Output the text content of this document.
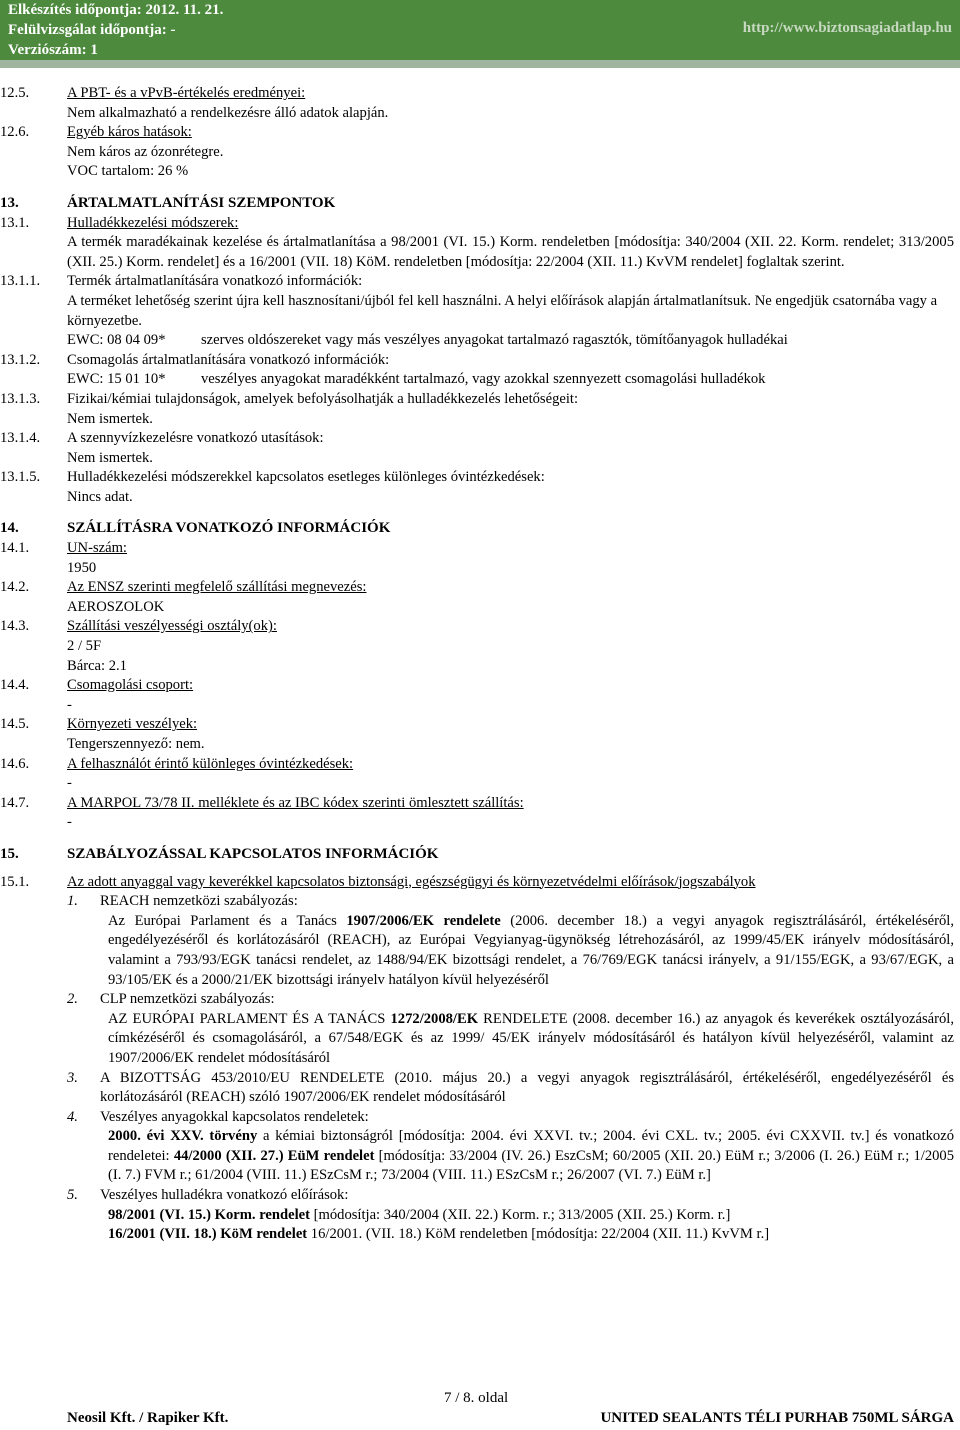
Elkészítés időpontja: 2012. 11. 21.
Felülvizsgálat időpontja: -
Verziószám: 1
http://www.biztonsagiadatlap.hu
12.5.	A PBT- és a vPvB-értékelés eredményei:
Nem alkalmazható a rendelkezésre álló adatok alapján.
12.6.	Egyéb káros hatások:
Nem káros az ózonrétegre.
VOC tartalom: 26 %
13.	ÁRTALMATLANÍTÁSI SZEMPONTOK
13.1.	Hulladékkezelési módszerek:
A termék maradékainak kezelése és ártalmatlanítása a 98/2001 (VI. 15.) Korm. rendeletben [módosítja: 340/2004 (XII. 22. Korm. rendelet; 313/2005 (XII. 25.) Korm. rendelet] és a 16/2001 (VII. 18) KöM. rendeletben [módosítja: 22/2004 (XII. 11.) KvVM rendelet] foglaltak szerint.
13.1.1. Termék ártalmatlanítására vonatkozó információk:
A terméket lehetőség szerint újra kell hasznosítani/újból fel kell használni. A helyi előírások alapján ártalmatlanítsuk. Ne engedjük csatornába vagy a környezetbe.
EWC: 08 04 09* szerves oldószereket vagy más veszélyes anyagokat tartalmazó ragasztók, tömítőanyagok hulladékai
13.1.2. Csomagolás ártalmatlanítására vonatkozó információk:
EWC: 15 01 10* veszélyes anyagokat maradékként tartalmazó, vagy azokkal szennyezett csomagolási hulladékok
13.1.3. Fizikai/kémiai tulajdonságok, amelyek befolyásolhatják a hulladékkezelés lehetőségeit:
Nem ismertek.
13.1.4. A szennyvízkezelésre vonatkozó utasítások:
Nem ismertek.
13.1.5. Hulladékkezelési módszerekkel kapcsolatos esetleges különleges óvintézkedések:
Nincs adat.
14.	SZÁLLÍTÁSRA VONATKOZÓ INFORMÁCIÓK
14.1.	UN-szám:
1950
14.2.	Az ENSZ szerinti megfelelő szállítási megnevezés:
AEROSZOLOK
14.3.	Szállítási veszélyességi osztály(ok):
2 / 5F
Bárca: 2.1
14.4.	Csomagolási csoport:
-
14.5.	Környezeti veszélyek:
Tengerszennyező: nem.
14.6.	A felhasználót érintő különleges óvintézkedések:
-
14.7.	A MARPOL 73/78 II. melléklete és az IBC kódex szerinti ömlesztett szállítás:
-
15.	SZABÁLYOZÁSSAL KAPCSOLATOS INFORMÁCIÓK
15.1.	Az adott anyaggal vagy keverékkel kapcsolatos biztonsági, egészségügyi és környezetvédelmi előírások/jogszabályok
1. REACH nemzetközi szabályozás:
Az Európai Parlament és a Tanács 1907/2006/EK rendelete (2006. december 18.) a vegyi anyagok regisztrálásáról, értékeléséről, engedélyezéséről és korlátozásáról (REACH), az Európai Vegyianyag-ügynökség létrehozásáról, az 1999/45/EK irányelv módosításáról, valamint a 793/93/EGK tanácsi rendelet, az 1488/94/EK bizottsági rendelet, a 76/769/EGK tanácsi irányelv, a 91/155/EGK, a 93/67/EGK, a 93/105/EK és a 2000/21/EK bizottsági irányelv hatályon kívül helyezéséről
2. CLP nemzetközi szabályozás:
AZ EURÓPAI PARLAMENT ÉS A TANÁCS 1272/2008/EK RENDELETE (2008. december 16.) az anyagok és keverékek osztályozásáról, címkézéséről és csomagolásáról, a 67/548/EGK és az 1999/ 45/EK irányelv módosításáról és hatályon kívül helyezéséről, valamint az 1907/2006/EK rendelet módosításáról
3. A BIZOTTSÁG 453/2010/EU RENDELETE (2010. május 20.) a vegyi anyagok regisztrálásáról, értékeléséről, engedélyezéséről és korlátozásáról (REACH) szóló 1907/2006/EK rendelet módosításáról
4. Veszélyes anyagokkal kapcsolatos rendeletek:
2000. évi XXV. törvény a kémiai biztonságról [módosítja: 2004. évi XXVI. tv.; 2004. évi CXL. tv.; 2005. évi CXXVII. tv.] és vonatkozó rendeletei: 44/2000 (XII. 27.) EüM rendelet [módosítja: 33/2004 (IV. 26.) EszCsM; 60/2005 (XII. 20.) EüM r.; 3/2006 (I. 26.) EüM r.; 1/2005 (I. 7.) FVM r.; 61/2004 (VIII. 11.) ESzCsM r.; 73/2004 (VIII. 11.) ESzCsM r.; 26/2007 (VI. 7.) EüM r.]
5. Veszélyes hulladékra vonatkozó előírások:
98/2001 (VI. 15.) Korm. rendelet [módosítja: 340/2004 (XII. 22.) Korm. r.; 313/2005 (XII. 25.) Korm. r.]
16/2001 (VII. 18.) KöM rendelet 16/2001. (VII. 18.) KöM rendeletben [módosítja: 22/2004 (XII. 11.) KvVM r.]
7 / 8. oldal
Neosil Kft. / Rapiker Kft.	UNITED SEALANTS TÉLI PURHAB 750ML SÁRGA
